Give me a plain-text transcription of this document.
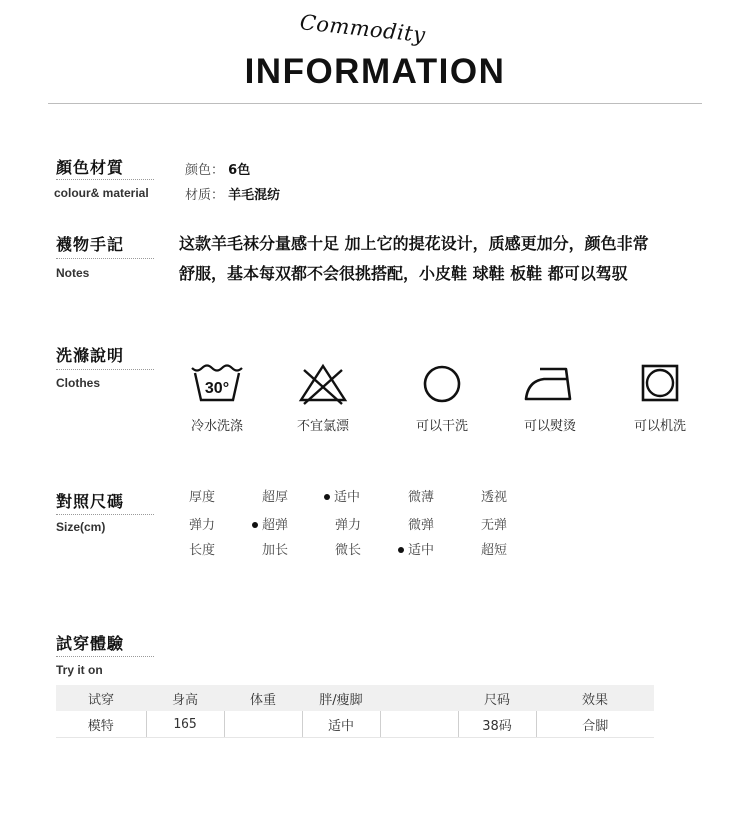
Commodity
INFORMATION
顏色材質
colour& material
颜色： 6色
材质： 羊毛混纺
襪物手記
Notes
这款羊毛袜分量感十足 加上它的提花设计，质感更加分，颜色非常
舒服，基本每双都不会很挑搭配，小皮鞋 球鞋 板鞋 都可以驾驭
洗滌說明
Clothes	30°
冷水洗涤	不宜氯漂	可以干洗	可以熨烫	可以机洗
對照尺碼
Size(cm)
厚度	超厚	适中	微薄	透视
弹力	超弹	弹力	微弹	无弹
长度	加长	微长	适中	超短
試穿體驗
Try it on
试穿	身高	体重	胖/瘦脚		尺码	效果
模特	165		适中		38码	合脚
